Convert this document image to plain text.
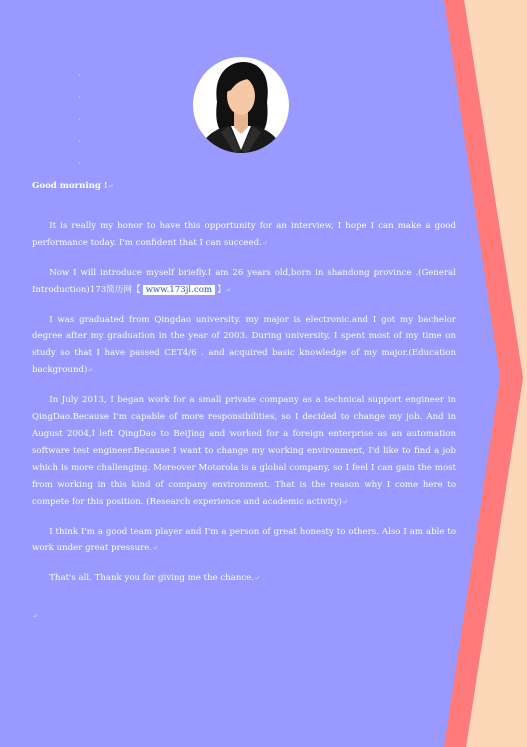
¸
¸
¸
¸
¸

Good morning !↵

It is really my honor to have this opportunity for an interview, I hope I can make a good performance today. I'm confident that I can succeed.↵

Now I will introduce myself briefly.I am 26 years old,born in shandong province .(General Introduction)173简历网【 www.173jl.com 】↵

I was graduated from Qingdao university. my major is electronic.and I got my bachelor degree after my graduation in the year of 2003. During university, I spent most of my time on study so that I have passed CET4/6 . and acquired basic knowledge of my major.(Education background)↵

In July 2013, I began work for a small private company as a technical support engineer in QingDao.Because I'm capable of more responsibilities, so I decided to change my job. And in August 2004,I left QingDao to BeiJing and worked for a foreign enterprise as an automation software test engineer.Because I want to change my working environment, I'd like to find a job which is more challenging. Moreover Motorola is a global company, so I feel I can gain the most from working in this kind of company environment. That is the reason why I come here to compete for this position. (Research experience and academic activity)↵

I think I'm a good team player and I'm a person of great honesty to others. Also I am able to work under great pressure.↵

That's all. Thank you for giving me the chance.↵

↵
